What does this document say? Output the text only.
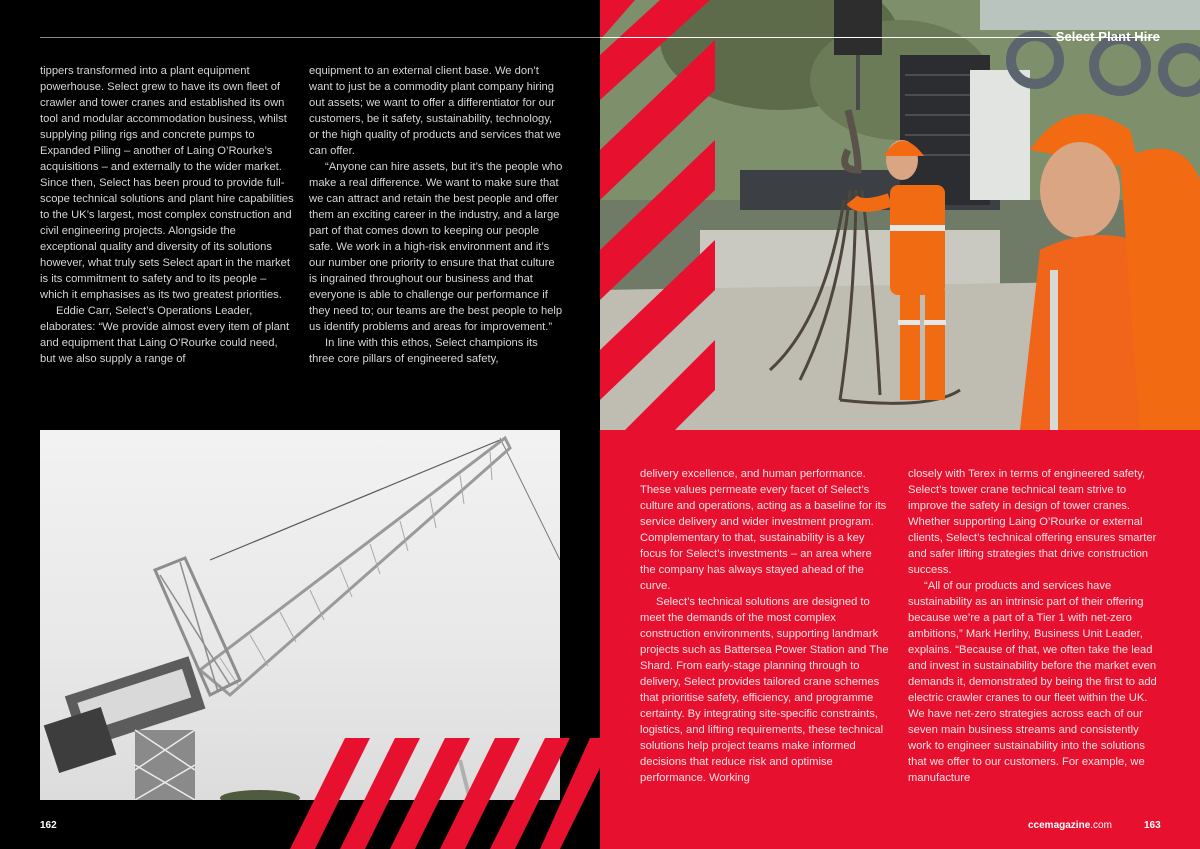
tippers transformed into a plant equipment powerhouse. Select grew to have its own fleet of crawler and tower cranes and established its own tool and modular accommodation business, whilst supplying piling rigs and concrete pumps to Expanded Piling – another of Laing O’Rourke’s acquisitions – and externally to the wider market. Since then, Select has been proud to provide full-scope technical solutions and plant hire capabilities to the UK’s largest, most complex construction and civil engineering projects. Alongside the exceptional quality and diversity of its solutions however, what truly sets Select apart in the market is its commitment to safety and to its people – which it emphasises as its two greatest priorities.

Eddie Carr, Select’s Operations Leader, elaborates: “We provide almost every item of plant and equipment that Laing O’Rourke could need, but we also supply a range of

equipment to an external client base. We don’t want to just be a commodity plant company hiring out assets; we want to offer a differentiator for our customers, be it safety, sustainability, technology, or the high quality of products and services that we can offer.

“Anyone can hire assets, but it’s the people who make a real difference. We want to make sure that we can attract and retain the best people and offer them an exciting career in the industry, and a large part of that comes down to keeping our people safe. We work in a high-risk environment and it’s our number one priority to ensure that that culture is ingrained throughout our business and that everyone is able to challenge our performance if they need to; our teams are the best people to help us identify problems and areas for improvement.”

In line with this ethos, Select champions its three core pillars of engineered safety,

162
Select Plant Hire

delivery excellence, and human performance. These values permeate every facet of Select’s culture and operations, acting as a baseline for its service delivery and wider investment program. Complementary to that, sustainability is a key focus for Select’s investments – an area where the company has always stayed ahead of the curve.

Select’s technical solutions are designed to meet the demands of the most complex construction environments, supporting landmark projects such as Battersea Power Station and The Shard. From early-stage planning through to delivery, Select provides tailored crane schemes that prioritise safety, efficiency, and programme certainty. By integrating site-specific constraints, logistics, and lifting requirements, these technical solutions help project teams make informed decisions that reduce risk and optimise performance. Working

closely with Terex in terms of engineered safety, Select’s tower crane technical team strive to improve the safety in design of tower cranes. Whether supporting Laing O’Rourke or external clients, Select’s technical offering ensures smarter and safer lifting strategies that drive construction success.

“All of our products and services have sustainability as an intrinsic part of their offering because we’re a part of a Tier 1 with net-zero ambitions,” Mark Herlihy, Business Unit Leader, explains. “Because of that, we often take the lead and invest in sustainability before the market even demands it, demonstrated by being the first to add electric crawler cranes to our fleet within the UK. We have net-zero strategies across each of our seven main business streams and consistently work to engineer sustainability into the solutions that we offer to our customers. For example, we manufacture

ccemagazine.com	163
